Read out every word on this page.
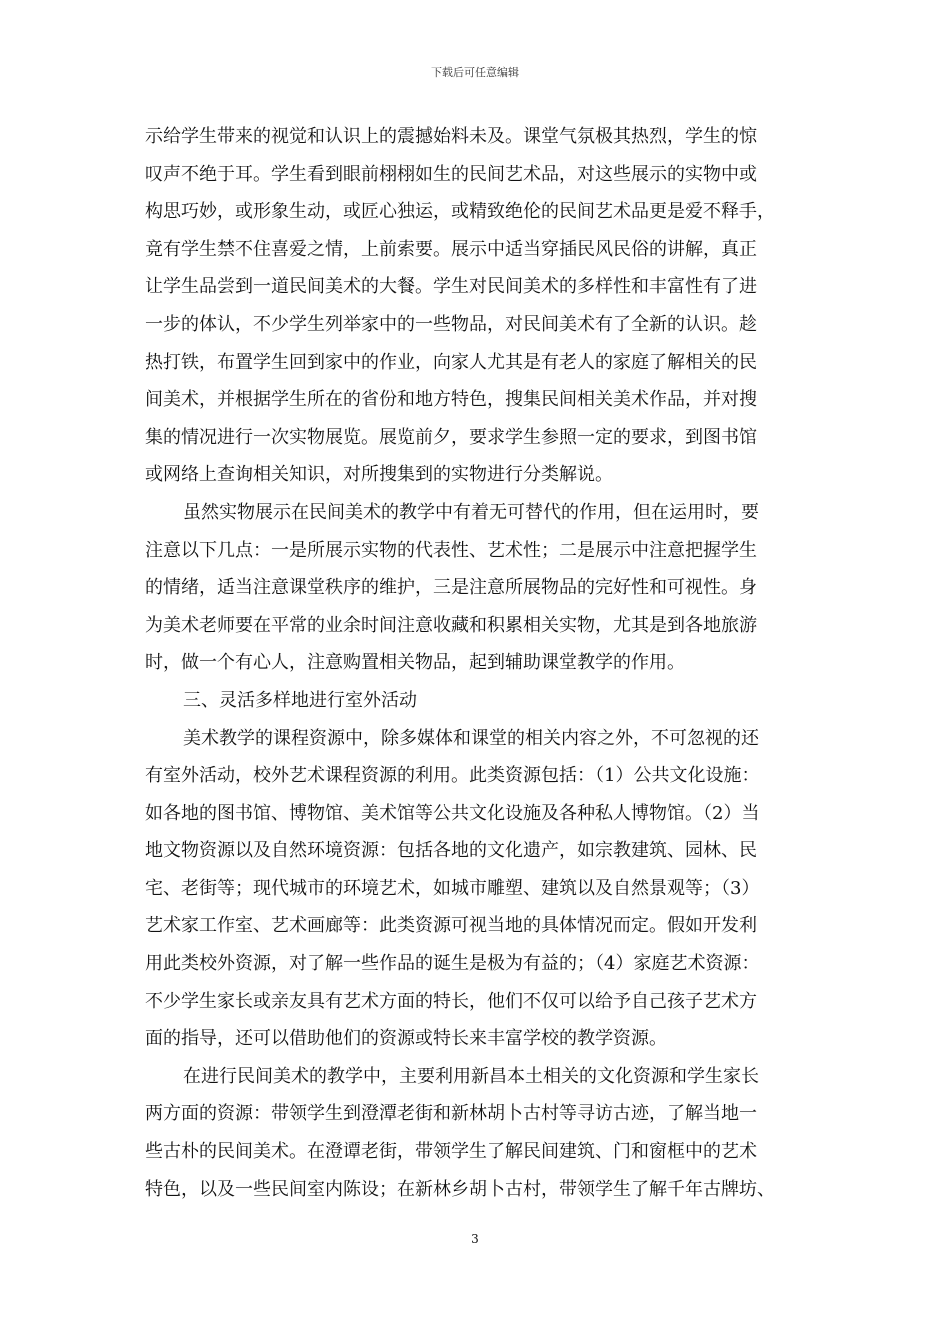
下载后可任意编辑
示给学生带来的视觉和认识上的震撼始料未及。课堂气氛极其热烈，学生的惊
叹声不绝于耳。学生看到眼前栩栩如生的民间艺术品，对这些展示的实物中或
构思巧妙，或形象生动，或匠心独运，或精致绝伦的民间艺术品更是爱不释手，
竟有学生禁不住喜爱之情，上前索要。展示中适当穿插民风民俗的讲解，真正
让学生品尝到一道民间美术的大餐。学生对民间美术的多样性和丰富性有了进
一步的体认，不少学生列举家中的一些物品，对民间美术有了全新的认识。趁
热打铁，布置学生回到家中的作业，向家人尤其是有老人的家庭了解相关的民
间美术，并根据学生所在的省份和地方特色，搜集民间相关美术作品，并对搜
集的情况进行一次实物展览。展览前夕，要求学生参照一定的要求，到图书馆
或网络上查询相关知识，对所搜集到的实物进行分类解说。
虽然实物展示在民间美术的教学中有着无可替代的作用，但在运用时，要
注意以下几点：一是所展示实物的代表性、艺术性；二是展示中注意把握学生
的情绪，适当注意课堂秩序的维护，三是注意所展物品的完好性和可视性。身
为美术老师要在平常的业余时间注意收藏和积累相关实物，尤其是到各地旅游
时，做一个有心人，注意购置相关物品，起到辅助课堂教学的作用。
三、灵活多样地进行室外活动
美术教学的课程资源中，除多媒体和课堂的相关内容之外，不可忽视的还
有室外活动，校外艺术课程资源的利用。此类资源包括：（1）公共文化设施：
如各地的图书馆、博物馆、美术馆等公共文化设施及各种私人博物馆。（2）当
地文物资源以及自然环境资源：包括各地的文化遗产，如宗教建筑、园林、民
宅、老街等；现代城市的环境艺术，如城市雕塑、建筑以及自然景观等；（3）
艺术家工作室、艺术画廊等：此类资源可视当地的具体情况而定。假如开发利
用此类校外资源，对了解一些作品的诞生是极为有益的；（4）家庭艺术资源：
不少学生家长或亲友具有艺术方面的特长，他们不仅可以给予自己孩子艺术方
面的指导，还可以借助他们的资源或特长来丰富学校的教学资源。
在进行民间美术的教学中，主要利用新昌本土相关的文化资源和学生家长
两方面的资源：带领学生到澄潭老街和新林胡卜古村等寻访古迹，了解当地一
些古朴的民间美术。在澄谭老街，带领学生了解民间建筑、门和窗框中的艺术
特色，以及一些民间室内陈设；在新林乡胡卜古村，带领学生了解千年古牌坊、
3
